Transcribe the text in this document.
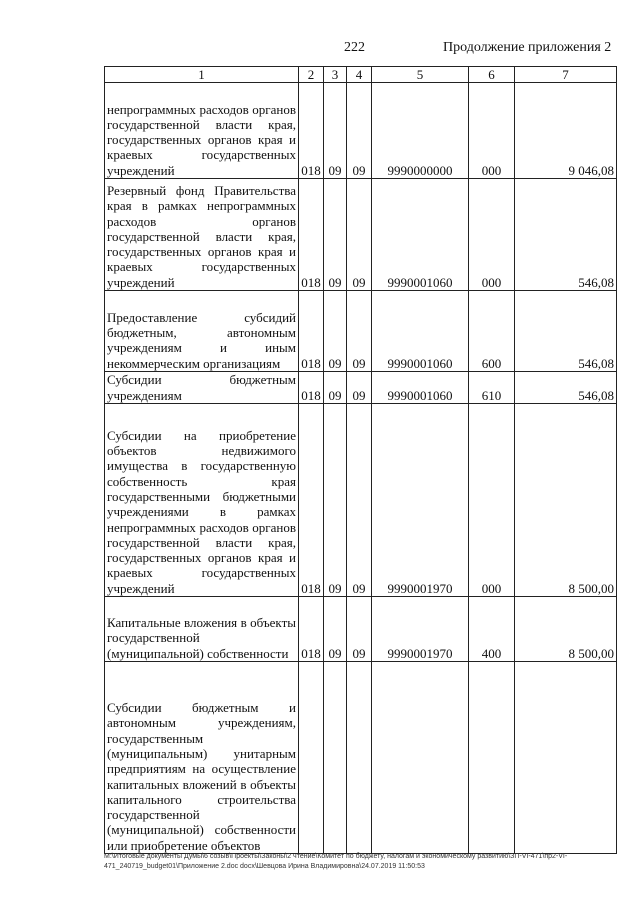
222	Продолжение приложения 2
1	2	3	4	5	6	7
непрограммных расходов органов государственной власти края, государственных органов края и краевых государственных учреждений	018	09	09	9990000000	000	9 046,08
Резервный фонд Правительства края в рамках непрограммных расходов органов государственной власти края, государственных органов края и краевых государственных учреждений	018	09	09	9990001060	000	546,08
Предоставление субсидий бюджетным, автономным учреждениям и иным некоммерческим организациям	018	09	09	9990001060	600	546,08
Субсидии бюджетным учреждениям	018	09	09	9990001060	610	546,08
Субсидии на приобретение объектов недвижимого имущества в государственную собственность края государственными бюджетными учреждениями в рамках непрограммных расходов органов государственной власти края, государственных органов края и краевых государственных учреждений	018	09	09	9990001970	000	8 500,00
Капитальные вложения в объекты государственной (муниципальной) собственности	018	09	09	9990001970	400	8 500,00
Субсидии бюджетным и автономным учреждениям, государственным (муниципальным) унитарным предприятиям на осуществление капитальных вложений в объекты капитального строительства государственной (муниципальной) собственности или приобретение объектов						
М:\Итоговые документы Думы\6 созыв\Проекты\Законы\2 чтение\Комитет по бюджету, налогам и экономическому развитию\ЗП-VI-471\пр2-VI-471_240719_budget01\Приложение 2.doc docx\Шевцова Ирина Владимировна\24.07.2019 11:50:53
